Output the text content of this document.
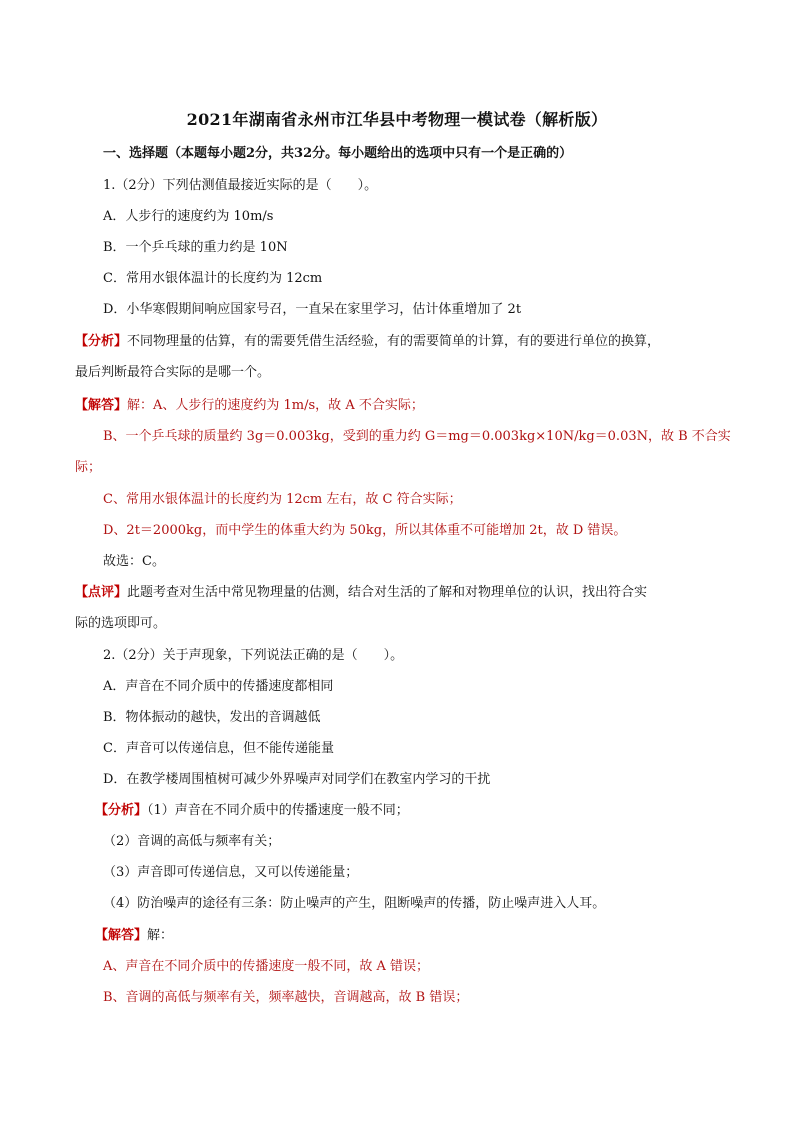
2021年湖南省永州市江华县中考物理一模试卷（解析版）
一、选择题（本题每小题2分，共32分。每小题给出的选项中只有一个是正确的）
1.（2分）下列估测值最接近实际的是（　　）。
A．人步行的速度约为 10m/s
B．一个乒乓球的重力约是 10N
C．常用水银体温计的长度约为 12cm
D．小华寒假期间响应国家号召，一直呆在家里学习，估计体重增加了 2t
【分析】不同物理量的估算，有的需要凭借生活经验，有的需要简单的计算，有的要进行单位的换算，
最后判断最符合实际的是哪一个。
【解答】解：A、人步行的速度约为 1m/s，故 A 不合实际；
B、一个乒乓球的质量约 3g＝0.003kg，受到的重力约 G＝mg＝0.003kg×10N/kg＝0.03N，故 B 不合实
际；
C、常用水银体温计的长度约为 12cm 左右，故 C 符合实际；
D、2t＝2000kg，而中学生的体重大约为 50kg，所以其体重不可能增加 2t，故 D 错误。
故选：C。
【点评】此题考查对生活中常见物理量的估测，结合对生活的了解和对物理单位的认识，找出符合实
际的选项即可。
2.（2分）关于声现象，下列说法正确的是（　　）。
A．声音在不同介质中的传播速度都相同
B．物体振动的越快，发出的音调越低
C．声音可以传递信息，但不能传递能量
D．在教学楼周围植树可减少外界噪声对同学们在教室内学习的干扰
【分析】（1）声音在不同介质中的传播速度一般不同；
（2）音调的高低与频率有关；
（3）声音即可传递信息，又可以传递能量；
（4）防治噪声的途径有三条：防止噪声的产生，阻断噪声的传播，防止噪声进入人耳。
【解答】解：
A、声音在不同介质中的传播速度一般不同，故 A 错误；
B、音调的高低与频率有关，频率越快，音调越高，故 B 错误；
